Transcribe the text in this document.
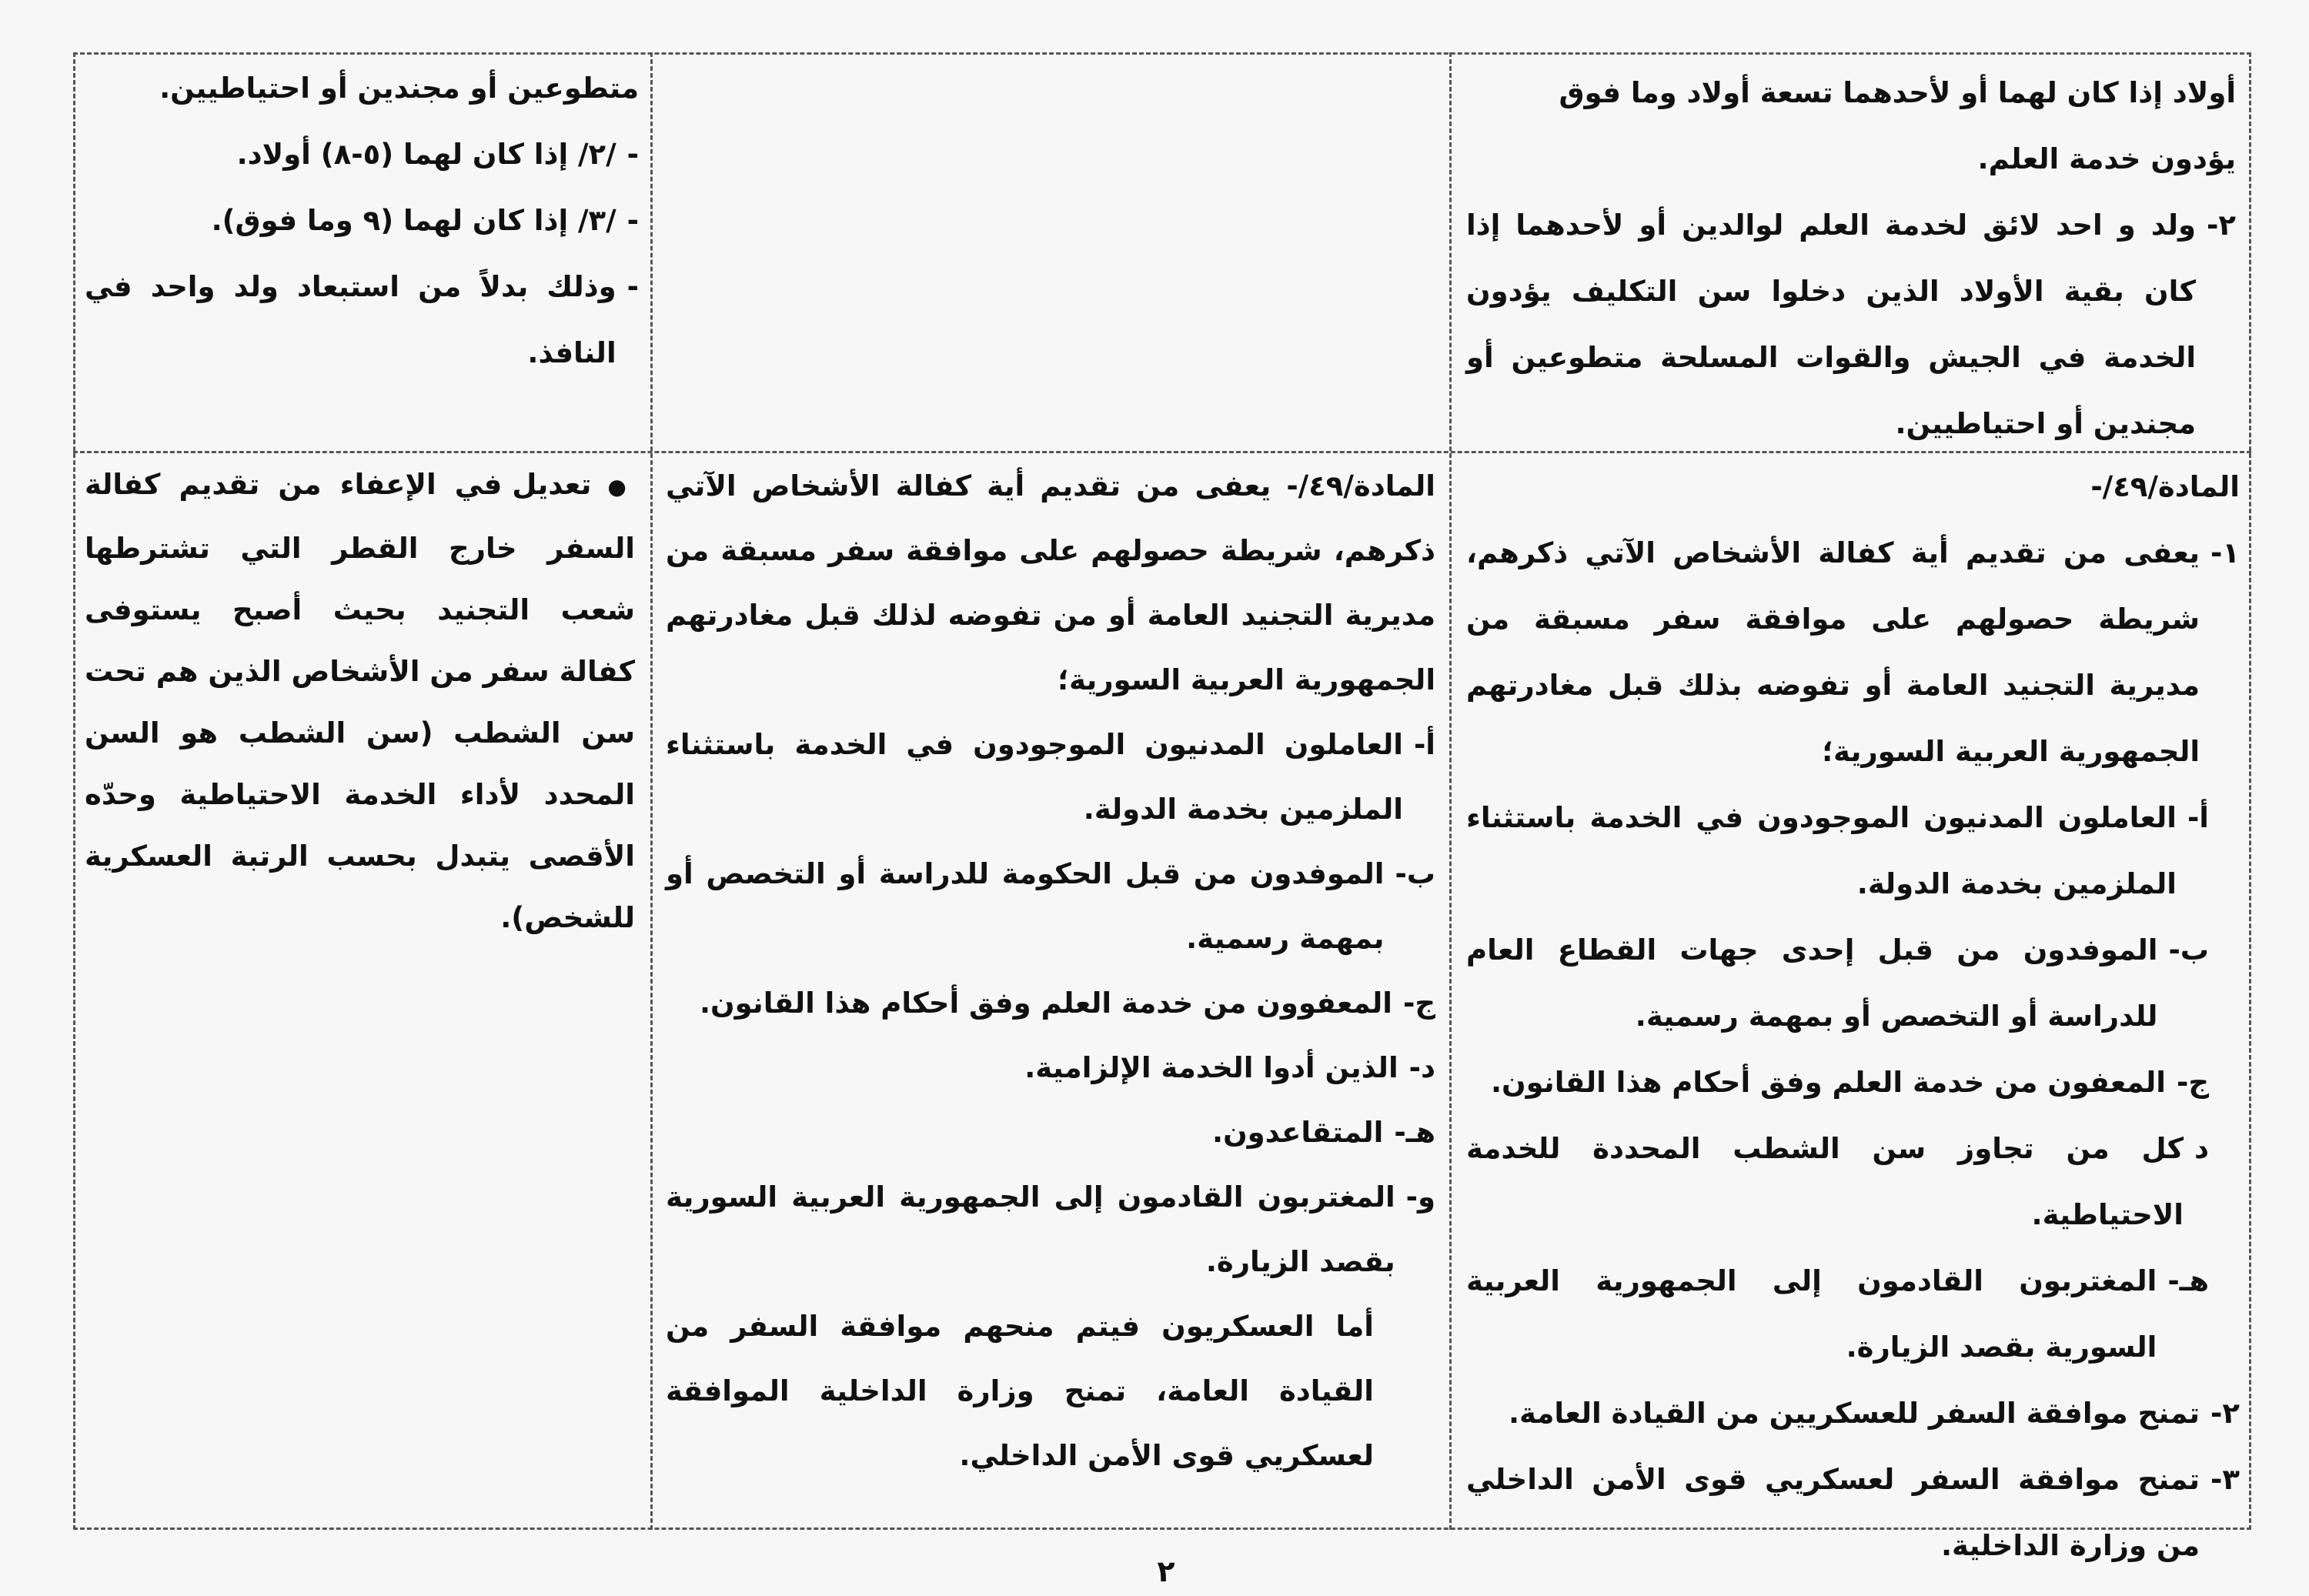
أولاد إذا كان لهما أو لأحدهما تسعة أولاد وما فوق

يؤدون خدمة العلم.

٢-
ولد و احد لائق لخدمة العلم لوالدين أو لأحدهما إذا كان بقية الأولاد الذين دخلوا سن التكليف يؤدون الخدمة في الجيش والقوات المسلحة متطوعين أو مجندين أو احتياطيين.

متطوعين أو مجندين أو احتياطيين.

-
/٢/ إذا كان لهما (٥-٨) أولاد.
-
/٣/ إذا كان لهما (٩ وما فوق).
-
وذلك بدلاً من استبعاد ولد واحد في النافذ.

المادة/٤٩/-

١-
يعفى من تقديم أية كفالة الأشخاص الآتي ذكرهم، شريطة حصولهم على موافقة سفر مسبقة من مديرية التجنيد العامة أو تفوضه بذلك قبل مغادرتهم الجمهورية العربية السورية؛
أ-
العاملون المدنيون الموجودون في الخدمة باستثناء الملزمين بخدمة الدولة.
ب-
الموفدون من قبل إحدى جهات القطاع العام للدراسة أو التخصص أو بمهمة رسمية.
ج-
المعفون من خدمة العلم وفق أحكام هذا القانون.
د
كل من تجاوز سن الشطب المحددة للخدمة الاحتياطية.
هـ-
المغتربون القادمون إلى الجمهورية العربية السورية بقصد الزيارة.
٢-
تمنح موافقة السفر للعسكريين من القيادة العامة.
٣-
تمنح موافقة السفر لعسكريي قوى الأمن الداخلي من وزارة الداخلية.

المادة/٤٩/- يعفى من تقديم أية كفالة الأشخاص الآتي ذكرهم، شريطة حصولهم على موافقة سفر مسبقة من مديرية التجنيد العامة أو من تفوضه لذلك قبل مغادرتهم الجمهورية العربية السورية؛

أ-
العاملون المدنيون الموجودون في الخدمة باستثناء الملزمين بخدمة الدولة.
ب-
الموفدون من قبل الحكومة للدراسة أو التخصص أو بمهمة رسمية.
ج-
المعفوون من خدمة العلم وفق أحكام هذا القانون.
د-
الذين أدوا الخدمة الإلزامية.
هـ-
المتقاعدون.
و-
المغتربون القادمون إلى الجمهورية العربية السورية بقصد الزيارة.

أما العسكريون فيتم منحهم موافقة السفر من القيادة العامة، تمنح وزارة الداخلية الموافقة لعسكريي قوى الأمن الداخلي.

● تعديل في الإعفاء من تقديم كفالة السفر خارج القطر التي تشترطها شعب التجنيد بحيث أصبح يستوفى كفالة سفر من الأشخاص الذين هم تحت سن الشطب (سن الشطب هو السن المحدد لأداء الخدمة الاحتياطية وحدّه الأقصى يتبدل بحسب الرتبة العسكرية للشخص).

٢
